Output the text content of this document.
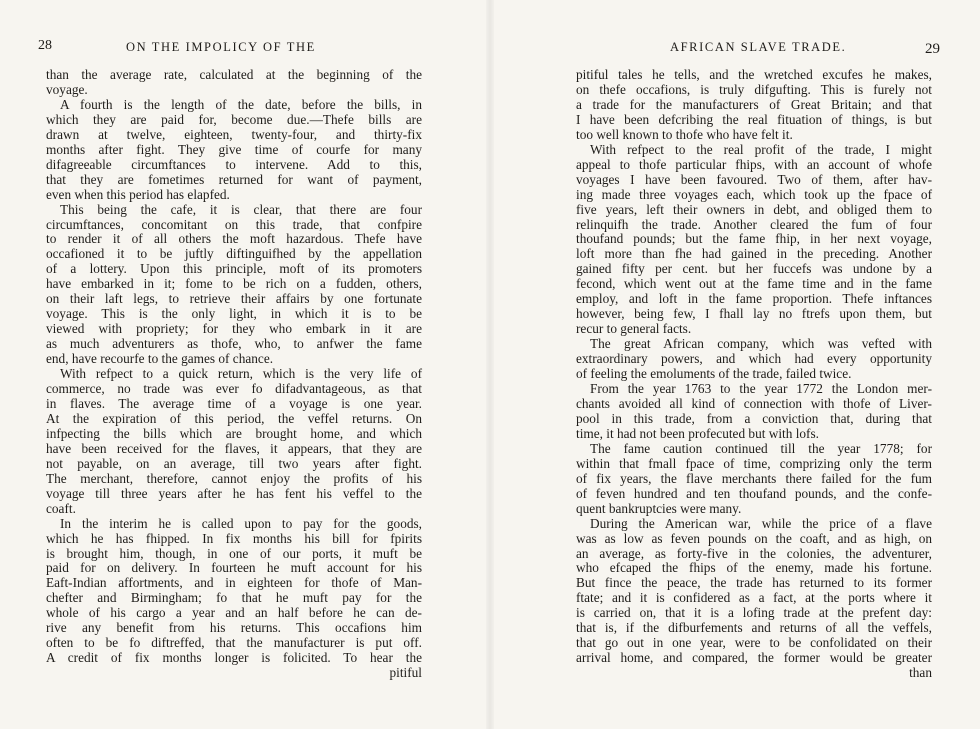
28	ON THE IMPOLICY OF THE
than the average rate, calculated at the beginning of the
voyage.
A fourth is the length of the date, before the bills, in
which they are paid for, become due.—Thefe bills are
drawn at twelve, eighteen, twenty-four, and thirty-fix
months after fight. They give time of courfe for many
difagreeable circumftances to intervene. Add to this,
that they are fometimes returned for want of payment,
even when this period has elapfed.
This being the cafe, it is clear, that there are four
circumftances, concomitant on this trade, that confpire
to render it of all others the moft hazardous. Thefe have
occafioned it to be juftly diftinguifhed by the appellation
of a lottery. Upon this principle, moft of its promoters
have embarked in it; fome to be rich on a fudden, others,
on their laft legs, to retrieve their affairs by one fortunate
voyage. This is the only light, in which it is to be
viewed with propriety; for they who embark in it are
as much adventurers as thofe, who, to anfwer the fame
end, have recourfe to the games of chance.
With refpect to a quick return, which is the very life of
commerce, no trade was ever fo difadvantageous, as that
in flaves. The average time of a voyage is one year.
At the expiration of this period, the veffel returns. On
infpecting the bills which are brought home, and which
have been received for the flaves, it appears, that they are
not payable, on an average, till two years after fight.
The merchant, therefore, cannot enjoy the profits of his
voyage till three years after he has fent his veffel to the
coaft.
In the interim he is called upon to pay for the goods,
which he has fhipped. In fix months his bill for fpirits
is brought him, though, in one of our ports, it muft be
paid for on delivery. In fourteen he muft account for his
Eaft-Indian affortments, and in eighteen for thofe of Man-
chefter and Birmingham; fo that he muft pay for the
whole of his cargo a year and an half before he can de-
rive any benefit from his returns. This occafions him
often to be fo diftreffed, that the manufacturer is put off.
A credit of fix months longer is folicited. To hear the
pitiful
AFRICAN SLAVE TRADE.	29
pitiful tales he tells, and the wretched excufes he makes,
on thefe occafions, is truly difgufting. This is furely not
a trade for the manufacturers of Great Britain; and that
I have been defcribing the real fituation of things, is but
too well known to thofe who have felt it.
With refpect to the real profit of the trade, I might
appeal to thofe particular fhips, with an account of whofe
voyages I have been favoured. Two of them, after hav-
ing made three voyages each, which took up the fpace of
five years, left their owners in debt, and obliged them to
relinquifh the trade. Another cleared the fum of four
thoufand pounds; but the fame fhip, in her next voyage,
loft more than fhe had gained in the preceding. Another
gained fifty per cent. but her fuccefs was undone by a
fecond, which went out at the fame time and in the fame
employ, and loft in the fame proportion. Thefe inftances
however, being few, I fhall lay no ftrefs upon them, but
recur to general facts.
The great African company, which was vefted with
extraordinary powers, and which had every opportunity
of feeling the emoluments of the trade, failed twice.
From the year 1763 to the year 1772 the London mer-
chants avoided all kind of connection with thofe of Liver-
pool in this trade, from a conviction that, during that
time, it had not been profecuted but with lofs.
The fame caution continued till the year 1778; for
within that fmall fpace of time, comprizing only the term
of fix years, the flave merchants there failed for the fum
of feven hundred and ten thoufand pounds, and the confe-
quent bankruptcies were many.
During the American war, while the price of a flave
was as low as feven pounds on the coaft, and as high, on
an average, as forty-five in the colonies, the adventurer,
who efcaped the fhips of the enemy, made his fortune.
But fince the peace, the trade has returned to its former
ftate; and it is confidered as a fact, at the ports where it
is carried on, that it is a lofing trade at the prefent day:
that is, if the difburfements and returns of all the veffels,
that go out in one year, were to be confolidated on their
arrival home, and compared, the former would be greater
than
